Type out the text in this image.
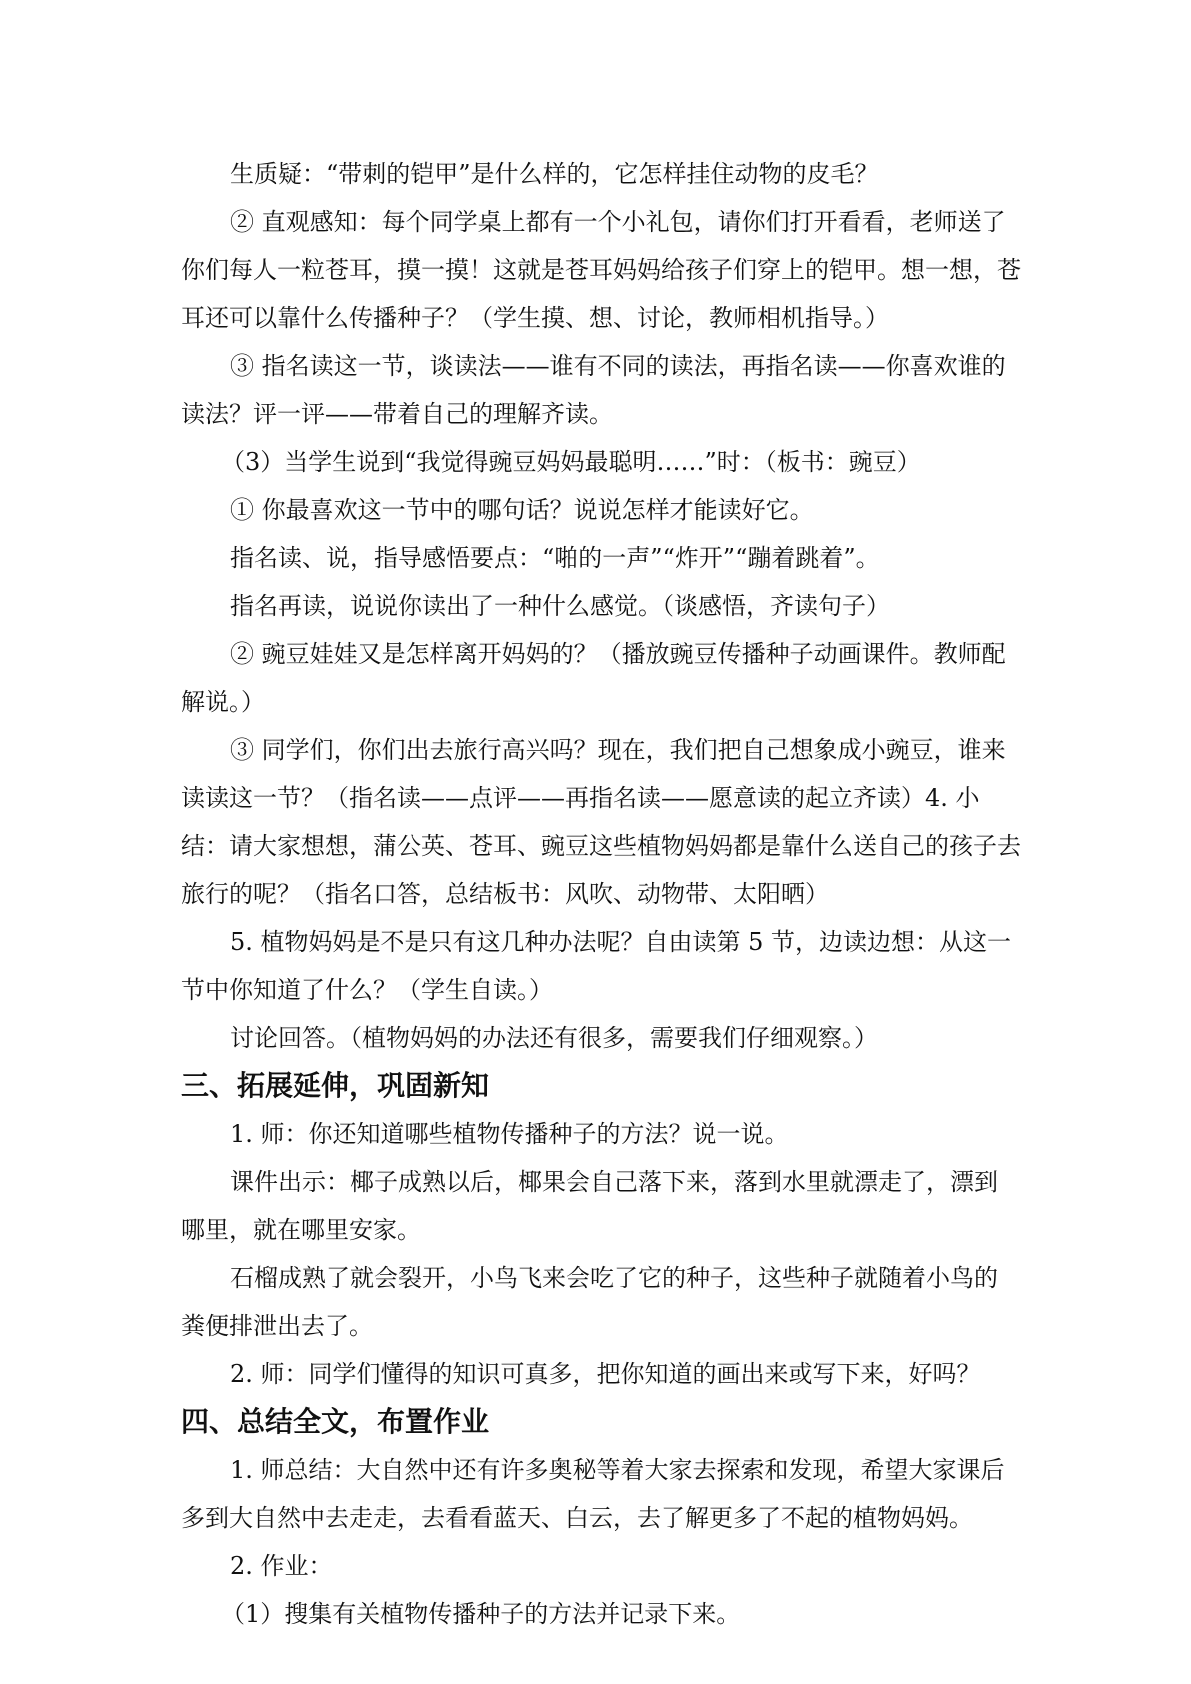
生质疑：“带刺的铠甲”是什么样的，它怎样挂住动物的皮毛？

② 直观感知：每个同学桌上都有一个小礼包，请你们打开看看，老师送了你们每人一粒苍耳，摸一摸！这就是苍耳妈妈给孩子们穿上的铠甲。想一想，苍耳还可以靠什么传播种子？（学生摸、想、讨论，教师相机指导。）

③ 指名读这一节，谈读法——谁有不同的读法，再指名读——你喜欢谁的读法？评一评——带着自己的理解齐读。

（3）当学生说到“我觉得豌豆妈妈最聪明……”时：（板书：豌豆）

① 你最喜欢这一节中的哪句话？说说怎样才能读好它。

指名读、说，指导感悟要点：“啪的一声”“炸开”“蹦着跳着”。

指名再读，说说你读出了一种什么感觉。（谈感悟，齐读句子）

② 豌豆娃娃又是怎样离开妈妈的？（播放豌豆传播种子动画课件。教师配解说。）

③ 同学们，你们出去旅行高兴吗？现在，我们把自己想象成小豌豆，谁来读读这一节？（指名读——点评——再指名读——愿意读的起立齐读）4. 小结：请大家想想，蒲公英、苍耳、豌豆这些植物妈妈都是靠什么送自己的孩子去旅行的呢？（指名口答，总结板书：风吹、动物带、太阳晒）

5. 植物妈妈是不是只有这几种办法呢？自由读第 5 节，边读边想：从这一节中你知道了什么？（学生自读。）

讨论回答。（植物妈妈的办法还有很多，需要我们仔细观察。）

三、拓展延伸，巩固新知

1. 师：你还知道哪些植物传播种子的方法？说一说。

课件出示：椰子成熟以后，椰果会自己落下来，落到水里就漂走了，漂到哪里，就在哪里安家。

石榴成熟了就会裂开，小鸟飞来会吃了它的种子，这些种子就随着小鸟的粪便排泄出去了。

2. 师：同学们懂得的知识可真多，把你知道的画出来或写下来，好吗？

四、总结全文，布置作业

1. 师总结：大自然中还有许多奥秘等着大家去探索和发现，希望大家课后多到大自然中去走走，去看看蓝天、白云，去了解更多了不起的植物妈妈。

2. 作业：

（1）搜集有关植物传播种子的方法并记录下来。
